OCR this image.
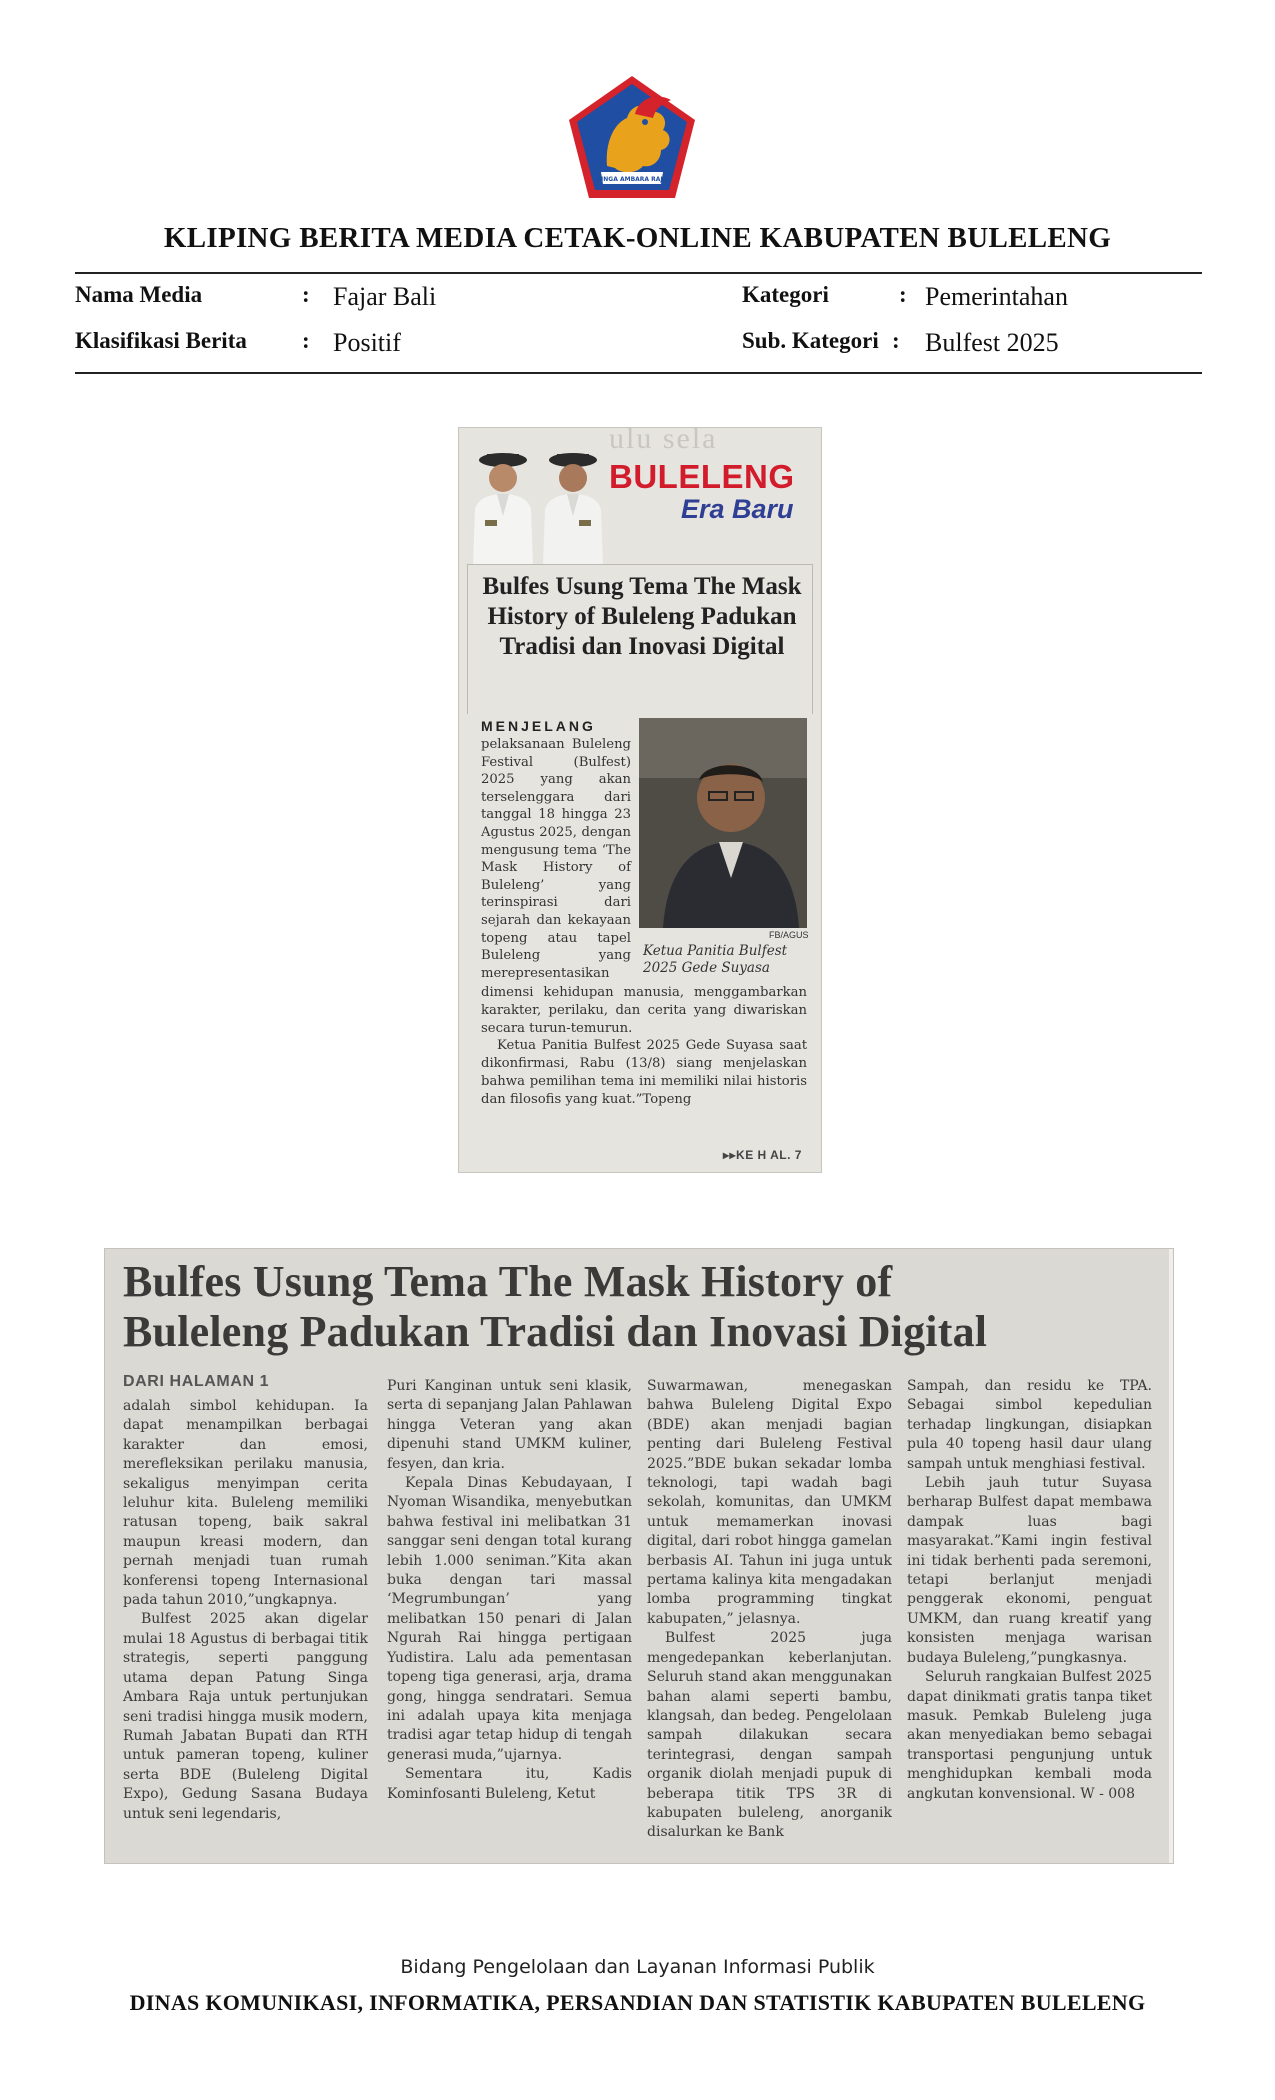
SINGA AMBARA RAJA
KLIPING BERITA MEDIA CETAK-ONLINE KABUPATEN BULELENG
Nama Media	: Fajar Bali
Klasifikasi Berita : Positif
Kategori	: Pemerintahan
Sub. Kategori : Bulfest 2025
ulu sela
BULELENG
Era Baru
Bulfes Usung Tema The Mask History of Buleleng Padukan Tradisi dan Inovasi Digital
MENJELANG
pelaksanaan Buleleng Festival (Bulfest) 2025 yang akan terselenggara dari tanggal 18 hingga 23 Agustus 2025, dengan mengusung tema ‘The Mask History of Buleleng’ yang terinspirasi dari sejarah dan kekayaan topeng atau tapel Buleleng yang merepresentasikan
FB/AGUS
Ketua Panitia Bulfest 2025 Gede Suyasa

dimensi kehidupan manusia, menggambarkan karakter, perilaku, dan cerita yang diwariskan secara turun-temurun.

Ketua Panitia Bulfest 2025 Gede Suyasa saat dikonfirmasi, Rabu (13/8) siang menjelaskan bahwa pemilihan tema ini memiliki nilai historis dan filosofis yang kuat.”Topeng

▸▸KE H AL. 7
Bulfes Usung Tema The Mask History of
Buleleng Padukan Tradisi dan Inovasi Digital
DARI HALAMAN 1

adalah simbol kehidupan. Ia dapat menampilkan berbagai karakter dan emosi, merefleksikan perilaku manusia, sekaligus menyimpan cerita leluhur kita. Buleleng memiliki ratusan topeng, baik sakral maupun kreasi modern, dan pernah menjadi tuan rumah konferensi topeng Internasional pada tahun 2010,”ungkapnya.

Bulfest 2025 akan digelar mulai 18 Agustus di berbagai titik strategis, seperti panggung utama depan Patung Singa Ambara Raja untuk pertunjukan seni tradisi hingga musik modern, Rumah Jabatan Bupati dan RTH untuk pameran topeng, kuliner serta BDE (Buleleng Digital Expo), Gedung Sasana Budaya untuk seni legendaris,

Puri Kanginan untuk seni klasik, serta di sepanjang Jalan Pahlawan hingga Veteran yang akan dipenuhi stand UMKM kuliner, fesyen, dan kria.

Kepala Dinas Kebudayaan, I Nyoman Wisandika, menyebutkan bahwa festival ini melibatkan 31 sanggar seni dengan total kurang lebih 1.000 seniman.”Kita akan buka dengan tari massal ‘Megrumbungan’ yang melibatkan 150 penari di Jalan Ngurah Rai hingga pertigaan Yudistira. Lalu ada pementasan topeng tiga generasi, arja, drama gong, hingga sendratari. Semua ini adalah upaya kita menjaga tradisi agar tetap hidup di tengah generasi muda,”ujarnya.

Sementara itu, Kadis Kominfosanti Buleleng, Ketut

Suwarmawan, menegaskan bahwa Buleleng Digital Expo (BDE) akan menjadi bagian penting dari Buleleng Festival 2025.”BDE bukan sekadar lomba teknologi, tapi wadah bagi sekolah, komunitas, dan UMKM untuk memamerkan inovasi digital, dari robot hingga gamelan berbasis AI. Tahun ini juga untuk pertama kalinya kita mengadakan lomba programming tingkat kabupaten,” jelasnya.

Bulfest 2025 juga mengedepankan keberlanjutan. Seluruh stand akan menggunakan bahan alami seperti bambu, klangsah, dan bedeg. Pengelolaan sampah dilakukan secara terintegrasi, dengan sampah organik diolah menjadi pupuk di beberapa titik TPS 3R di kabupaten buleleng, anorganik disalurkan ke Bank

Sampah, dan residu ke TPA. Sebagai simbol kepedulian terhadap lingkungan, disiapkan pula 40 topeng hasil daur ulang sampah untuk menghiasi festival.

Lebih jauh tutur Suyasa berharap Bulfest dapat membawa dampak luas bagi masyarakat.”Kami ingin festival ini tidak berhenti pada seremoni, tetapi berlanjut menjadi penggerak ekonomi, penguat UMKM, dan ruang kreatif yang konsisten menjaga warisan budaya Buleleng,”pungkasnya.

Seluruh rangkaian Bulfest 2025 dapat dinikmati gratis tanpa tiket masuk. Pemkab Buleleng juga akan menyediakan bemo sebagai transportasi pengunjung untuk menghidupkan kembali moda angkutan konvensional. W - 008

Bidang Pengelolaan dan Layanan Informasi Publik
DINAS KOMUNIKASI, INFORMATIKA, PERSANDIAN DAN STATISTIK KABUPATEN BULELENG
